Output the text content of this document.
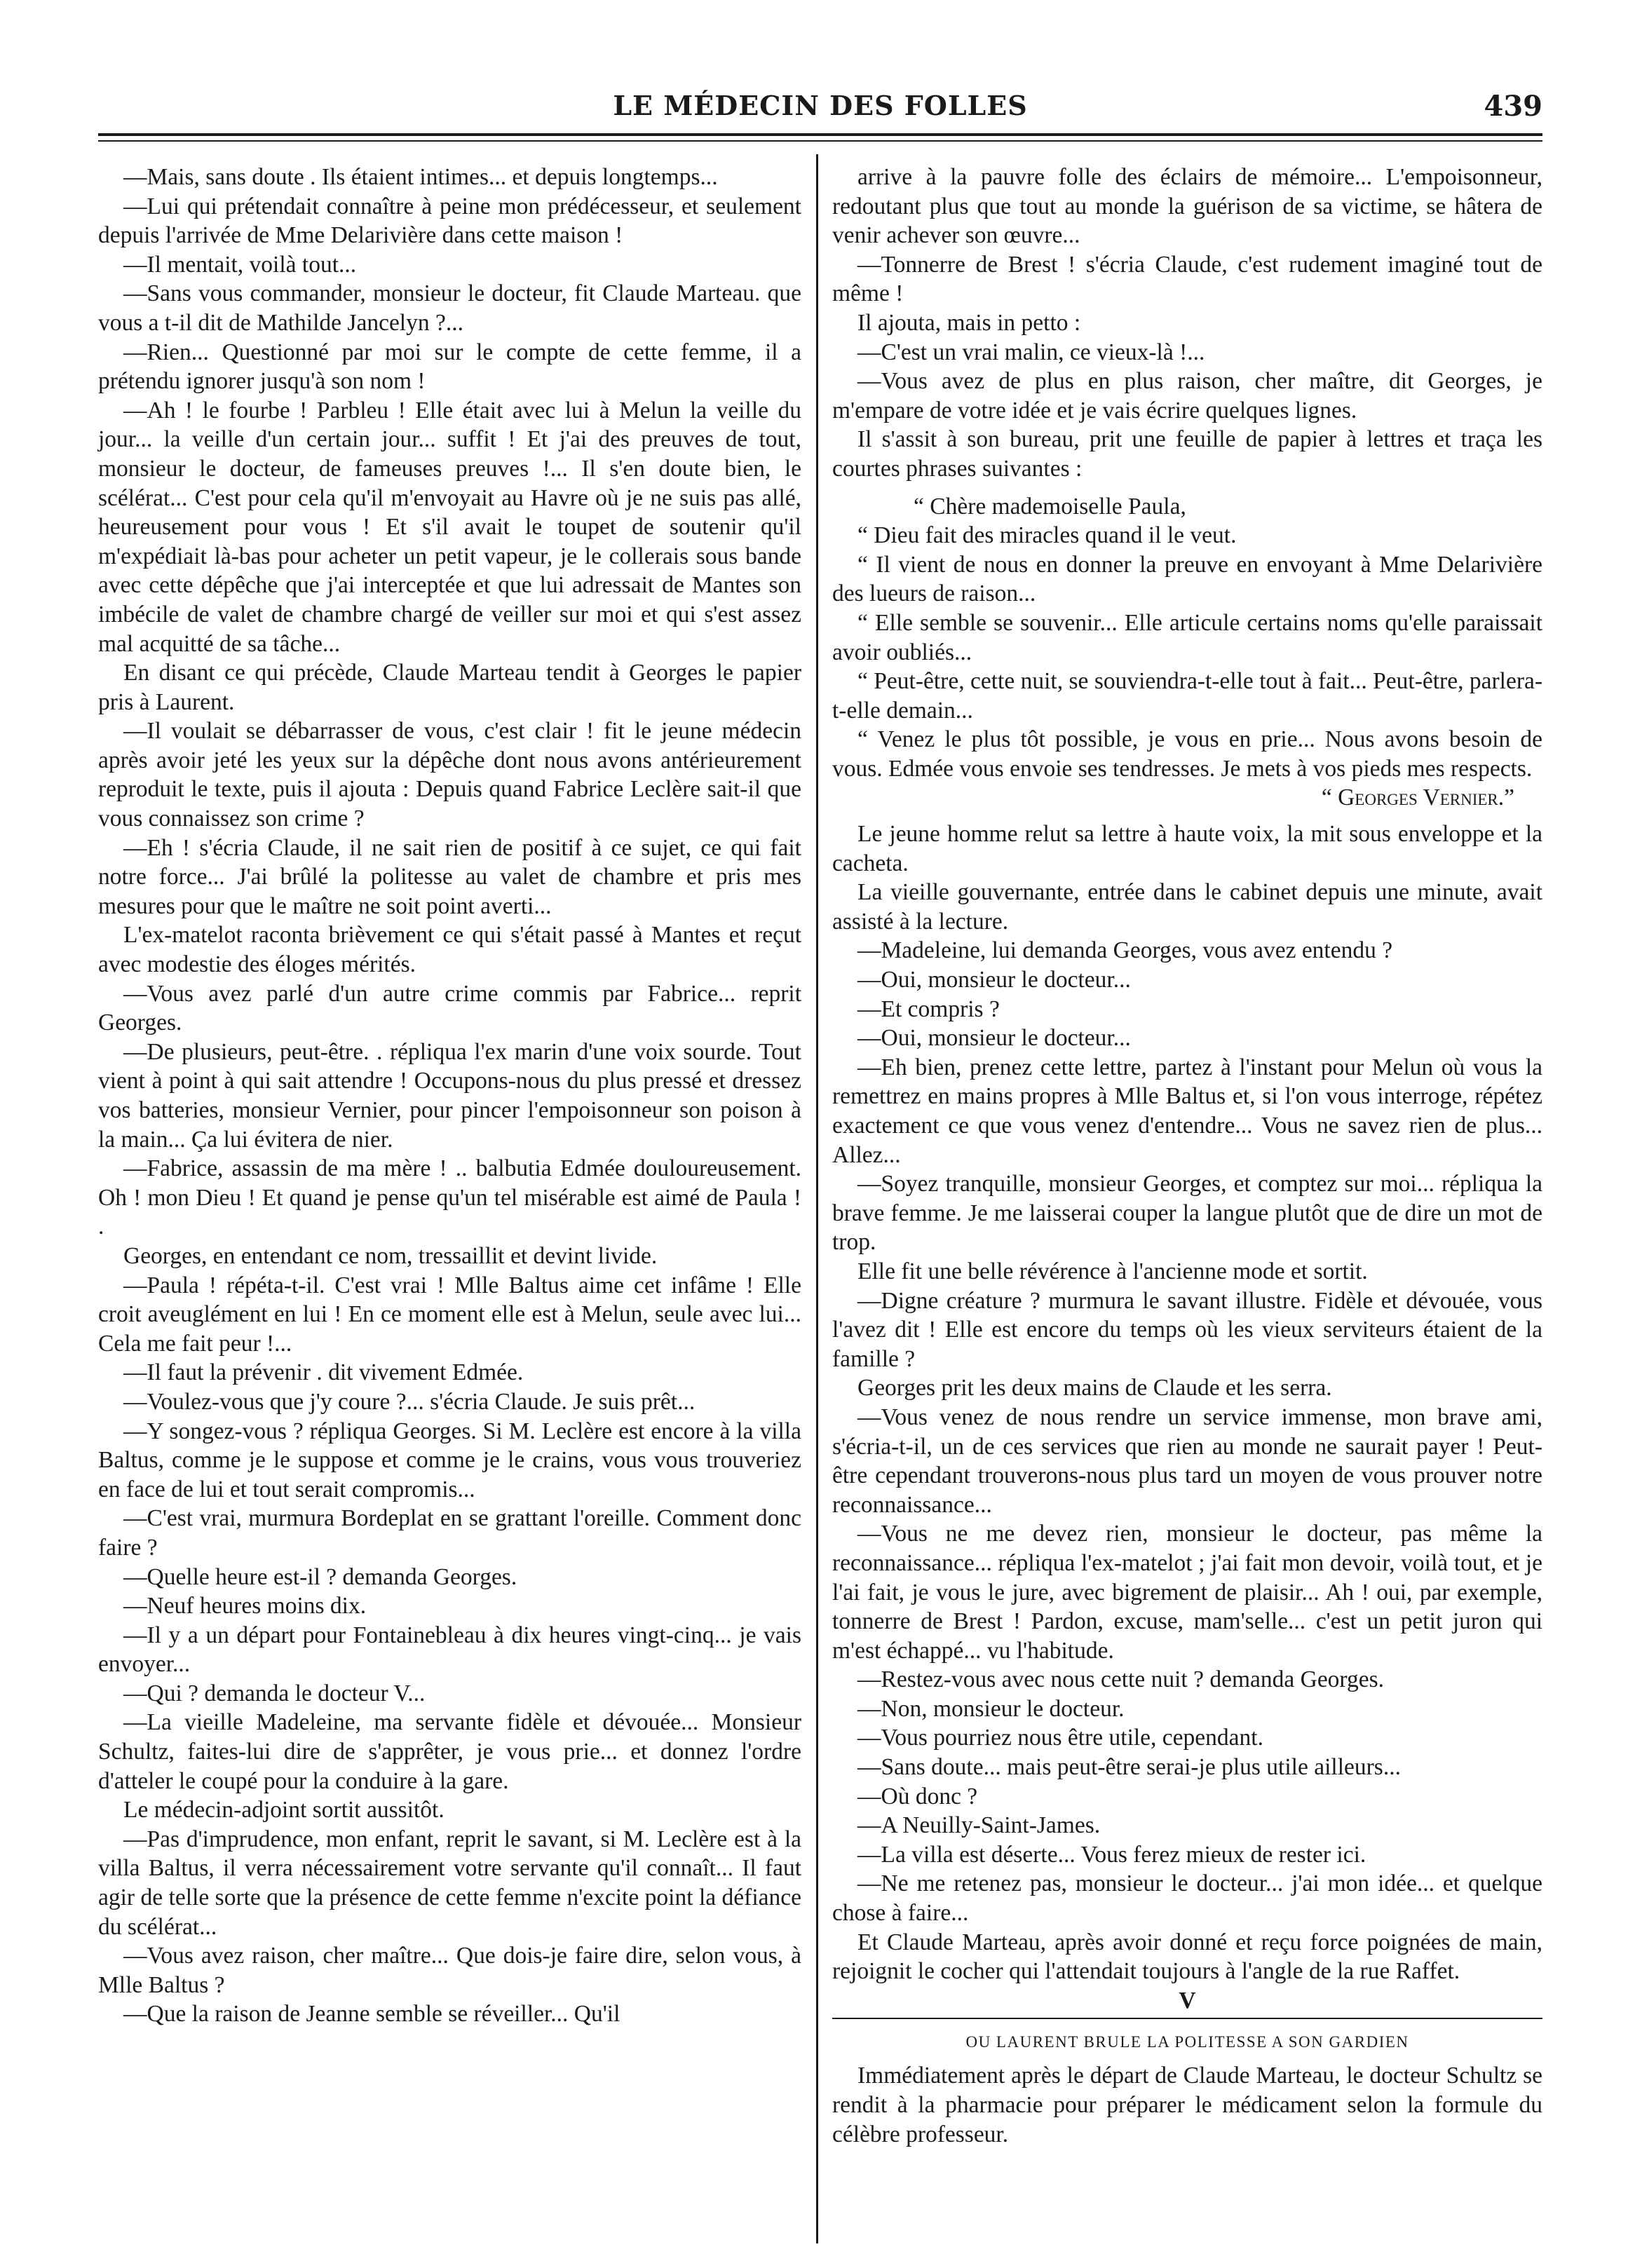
LE MÉDECIN DES FOLLES	439

—Mais, sans doute . Ils étaient intimes... et depuis longtemps...

—Lui qui prétendait connaître à peine mon prédécesseur, et seulement depuis l'arrivée de Mme Delarivière dans cette maison !

—Il mentait, voilà tout...

—Sans vous commander, monsieur le docteur, fit Claude Marteau. que vous a t-il dit de Mathilde Jancelyn ?...

—Rien... Questionné par moi sur le compte de cette femme, il a prétendu ignorer jusqu'à son nom !

—Ah ! le fourbe ! Parbleu ! Elle était avec lui à Melun la veille du jour... la veille d'un certain jour... suffit ! Et j'ai des preuves de tout, monsieur le docteur, de fameuses preuves !... Il s'en doute bien, le scélérat... C'est pour cela qu'il m'envoyait au Havre où je ne suis pas allé, heureusement pour vous ! Et s'il avait le toupet de soutenir qu'il m'expédiait là-bas pour acheter un petit vapeur, je le collerais sous bande avec cette dépêche que j'ai interceptée et que lui adressait de Mantes son imbécile de valet de chambre chargé de veiller sur moi et qui s'est assez mal acquitté de sa tâche...

En disant ce qui précède, Claude Marteau tendit à Georges le papier pris à Laurent.

—Il voulait se débarrasser de vous, c'est clair ! fit le jeune médecin après avoir jeté les yeux sur la dépêche dont nous avons antérieurement reproduit le texte, puis il ajouta : Depuis quand Fabrice Leclère sait-il que vous connaissez son crime ?

—Eh ! s'écria Claude, il ne sait rien de positif à ce sujet, ce qui fait notre force... J'ai brûlé la politesse au valet de chambre et pris mes mesures pour que le maître ne soit point averti...

L'ex-matelot raconta brièvement ce qui s'était passé à Mantes et reçut avec modestie des éloges mérités.

—Vous avez parlé d'un autre crime commis par Fabrice... reprit Georges.

—De plusieurs, peut-être. . répliqua l'ex marin d'une voix sourde. Tout vient à point à qui sait attendre ! Occupons-nous du plus pressé et dressez vos batteries, monsieur Vernier, pour pincer l'empoisonneur son poison à la main... Ça lui évitera de nier.

—Fabrice, assassin de ma mère ! .. balbutia Edmée douloureusement. Oh ! mon Dieu ! Et quand je pense qu'un tel misérable est aimé de Paula ! .

Georges, en entendant ce nom, tressaillit et devint livide.

—Paula ! répéta-t-il. C'est vrai ! Mlle Baltus aime cet infâme ! Elle croit aveuglément en lui ! En ce moment elle est à Melun, seule avec lui... Cela me fait peur !...

—Il faut la prévenir . dit vivement Edmée.

—Voulez-vous que j'y coure ?... s'écria Claude. Je suis prêt...

—Y songez-vous ? répliqua Georges. Si M. Leclère est encore à la villa Baltus, comme je le suppose et comme je le crains, vous vous trouveriez en face de lui et tout serait compromis...

—C'est vrai, murmura Bordeplat en se grattant l'oreille. Comment donc faire ?

—Quelle heure est-il ? demanda Georges.

—Neuf heures moins dix.

—Il y a un départ pour Fontainebleau à dix heures vingt-cinq... je vais envoyer...

—Qui ? demanda le docteur V...

—La vieille Madeleine, ma servante fidèle et dévouée... Monsieur Schultz, faites-lui dire de s'apprêter, je vous prie... et donnez l'ordre d'atteler le coupé pour la conduire à la gare.

Le médecin-adjoint sortit aussitôt.

—Pas d'imprudence, mon enfant, reprit le savant, si M. Leclère est à la villa Baltus, il verra nécessairement votre servante qu'il connaît... Il faut agir de telle sorte que la présence de cette femme n'excite point la défiance du scélérat...

—Vous avez raison, cher maître... Que dois-je faire dire, selon vous, à Mlle Baltus ?

—Que la raison de Jeanne semble se réveiller... Qu'il

arrive à la pauvre folle des éclairs de mémoire... L'empoisonneur, redoutant plus que tout au monde la guérison de sa victime, se hâtera de venir achever son œuvre...

—Tonnerre de Brest ! s'écria Claude, c'est rudement imaginé tout de même !

Il ajouta, mais in petto :

—C'est un vrai malin, ce vieux-là !...

—Vous avez de plus en plus raison, cher maître, dit Georges, je m'empare de votre idée et je vais écrire quelques lignes.

Il s'assit à son bureau, prit une feuille de papier à lettres et traça les courtes phrases suivantes :

“ Chère mademoiselle Paula,

“ Dieu fait des miracles quand il le veut.

“ Il vient de nous en donner la preuve en envoyant à Mme Delarivière des lueurs de raison...

“ Elle semble se souvenir... Elle articule certains noms qu'elle paraissait avoir oubliés...

“ Peut-être, cette nuit, se souviendra-t-elle tout à fait... Peut-être, parlera-t-elle demain...

“ Venez le plus tôt possible, je vous en prie... Nous avons besoin de vous. Edmée vous envoie ses tendresses. Je mets à vos pieds mes respects.

“ Georges Vernier.”

Le jeune homme relut sa lettre à haute voix, la mit sous enveloppe et la cacheta.

La vieille gouvernante, entrée dans le cabinet depuis une minute, avait assisté à la lecture.

—Madeleine, lui demanda Georges, vous avez entendu ?

—Oui, monsieur le docteur...

—Et compris ?

—Oui, monsieur le docteur...

—Eh bien, prenez cette lettre, partez à l'instant pour Melun où vous la remettrez en mains propres à Mlle Baltus et, si l'on vous interroge, répétez exactement ce que vous venez d'entendre... Vous ne savez rien de plus... Allez...

—Soyez tranquille, monsieur Georges, et comptez sur moi... répliqua la brave femme. Je me laisserai couper la langue plutôt que de dire un mot de trop.

Elle fit une belle révérence à l'ancienne mode et sortit.

—Digne créature ? murmura le savant illustre. Fidèle et dévouée, vous l'avez dit ! Elle est encore du temps où les vieux serviteurs étaient de la famille ?

Georges prit les deux mains de Claude et les serra.

—Vous venez de nous rendre un service immense, mon brave ami, s'écria-t-il, un de ces services que rien au monde ne saurait payer ! Peut-être cependant trouverons-nous plus tard un moyen de vous prouver notre reconnaissance...

—Vous ne me devez rien, monsieur le docteur, pas même la reconnaissance... répliqua l'ex-matelot ; j'ai fait mon devoir, voilà tout, et je l'ai fait, je vous le jure, avec bigrement de plaisir... Ah ! oui, par exemple, tonnerre de Brest ! Pardon, excuse, mam'selle... c'est un petit juron qui m'est échappé... vu l'habitude.

—Restez-vous avec nous cette nuit ? demanda Georges.

—Non, monsieur le docteur.

—Vous pourriez nous être utile, cependant.

—Sans doute... mais peut-être serai-je plus utile ailleurs...

—Où donc ?

—A Neuilly-Saint-James.

—La villa est déserte... Vous ferez mieux de rester ici.

—Ne me retenez pas, monsieur le docteur... j'ai mon idée... et quelque chose à faire...

Et Claude Marteau, après avoir donné et reçu force poignées de main, rejoignit le cocher qui l'attendait toujours à l'angle de la rue Raffet.

V

OU LAURENT BRULE LA POLITESSE A SON GARDIEN

Immédiatement après le départ de Claude Marteau, le docteur Schultz se rendit à la pharmacie pour préparer le médicament selon la formule du célèbre professeur.
